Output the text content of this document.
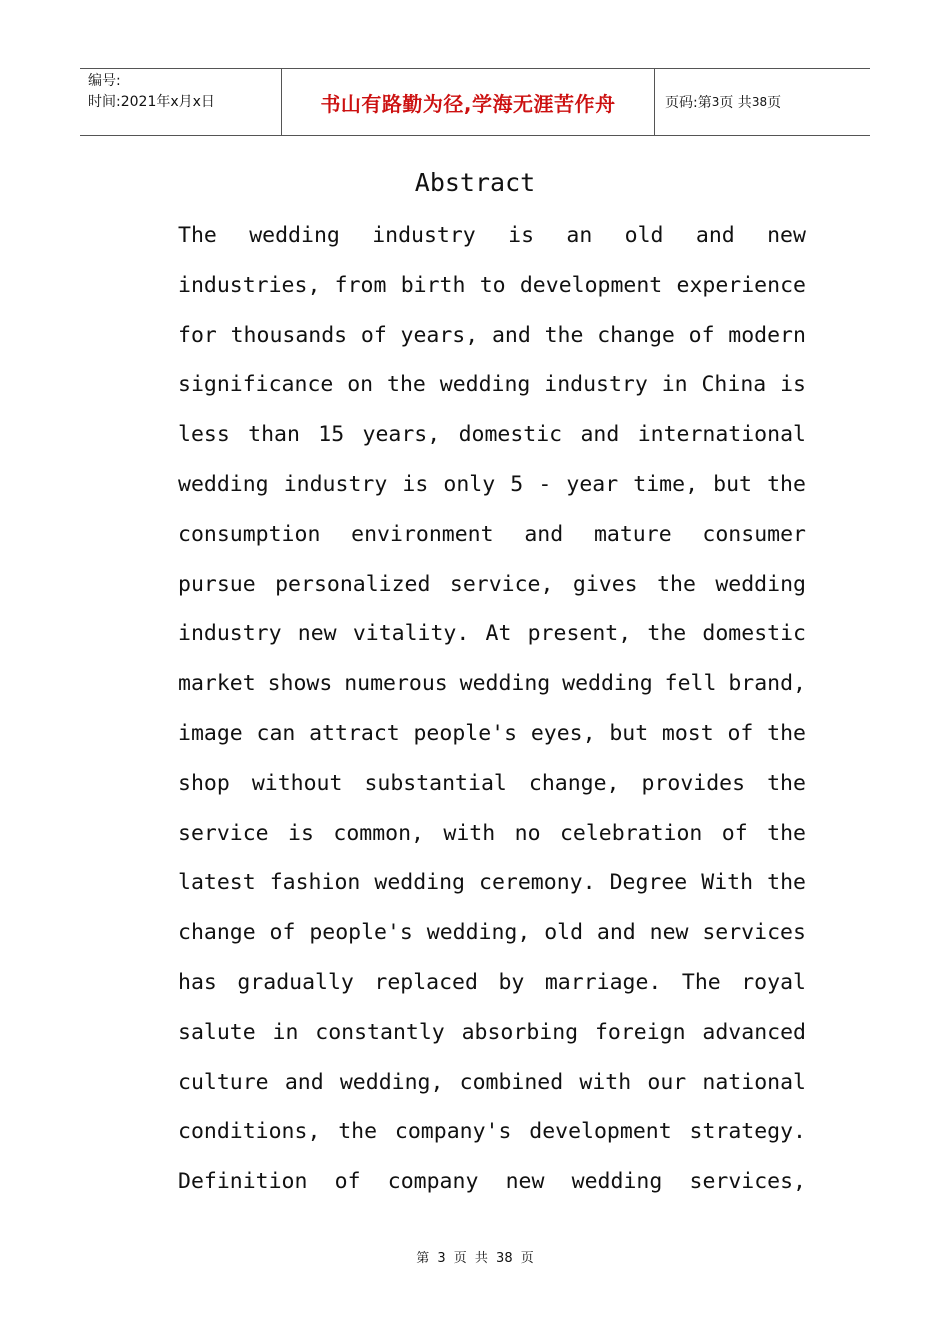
编号:
时间:2021年x月x日	书山有路勤为径,学海无涯苦作舟	页码:第 3 页 共 38 页
Abstract
The wedding industry is an old and new
industries, from birth to development experience
for thousands of years, and the change of modern
significance on the wedding industry in China is
less than 15 years, domestic and international
wedding industry is only 5 - year time, but the
consumption environment and mature consumer
pursue personalized service, gives the wedding
industry new vitality. At present, the domestic
market shows numerous wedding wedding fell brand,
image can attract people's eyes, but most of the
shop without substantial change, provides the
service is common, with no celebration of the
latest fashion wedding ceremony. Degree With the
change of people's wedding, old and new services
has gradually replaced by marriage. The royal
salute in constantly absorbing foreign advanced
culture and wedding, combined with our national
conditions, the company's development strategy.
Definition of company new wedding services,
第 3 页 共 38 页
